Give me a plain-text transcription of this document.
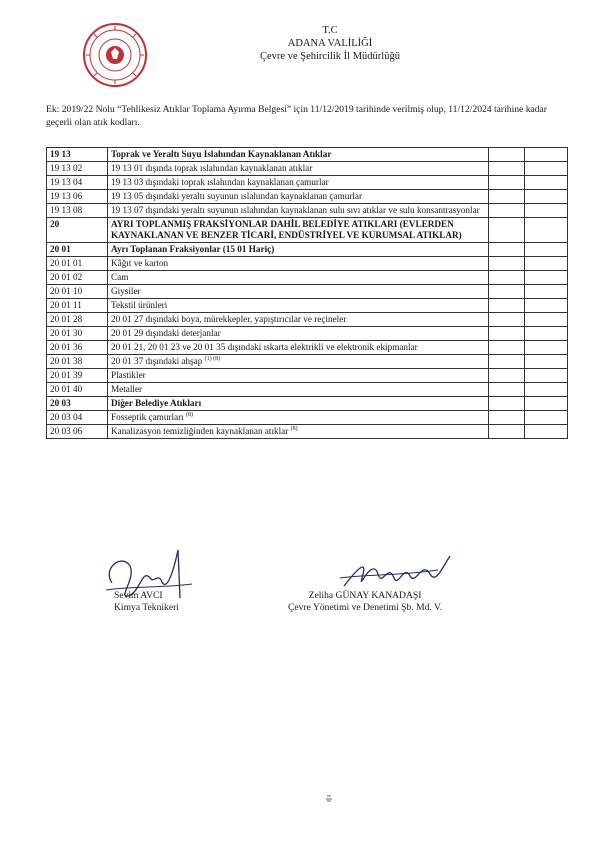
T.C
ADANA VALİLİĞİ
Çevre ve Şehircilik İl Müdürlüğü
Ek: 2019/22 Nolu “Tehlikesiz Atıklar Toplama Ayırma Belgesi” için 11/12/2019 tarihinde verilmiş olup, 11/12/2024 tarihine kadar geçerli olan atık kodları.
19 13	Toprak ve Yeraltı Suyu Islahından Kaynaklanan Atıklar		
19 13 02	19 13 01 dışında toprak ıslahından kaynaklanan atıklar		
19 13 04	19 13 03 dışındaki toprak ıslahından kaynaklanan çamurlar		
19 13 06	19 13 05 dışındaki yeraltı suyunun ıslahından kaynaklanan çamurlar		
19 13 08	19 13 07 dışındaki yeraltı suyunun ıslahından kaynaklanan sulu sıvı atıklar ve sulu konsantrasyonlar		
20	AYRI TOPLANMIŞ FRAKSİYONLAR DAHİL BELEDİYE ATIKLARI (EVLERDEN KAYNAKLANAN VE BENZER TİCARİ, ENDÜSTRİYEL VE KURUMSAL ATIKLAR)		
20 01	Ayrı Toplanan Fraksiyonlar (15 01 Hariç)		
20 01 01	Kâğıt ve karton		
20 01 02	Cam		
20 01 10	Giysiler		
20 01 11	Tekstil ürünleri		
20 01 28	20 01 27 dışındaki boya, mürekkepler, yapıştırıcılar ve reçineler		
20 01 30	20 01 29 dışındaki deterjanlar		
20 01 36	20 01 21, 20 01 23 ve 20 01 35 dışındaki ıskarta elektrikli ve elektronik ekipmanlar		
20 01 38	20 01 37 dışındaki ahşap $^{(1) (8)}$		
20 01 39	Plastikler		
20 01 40	Metaller		
20 03	Diğer Belediye Atıkları		
20 03 04	Fosseptik çamurları $^{(8)}$		
20 03 06	Kanalizasyon temizliğinden kaynaklanan atıklar $^{(8)}$		
Sevim AVCI
Kimya Teknikeri
Zeliha GÜNAY KANADAŞI
Çevre Yönetimi ve Denetimi Şb. Md. V.
